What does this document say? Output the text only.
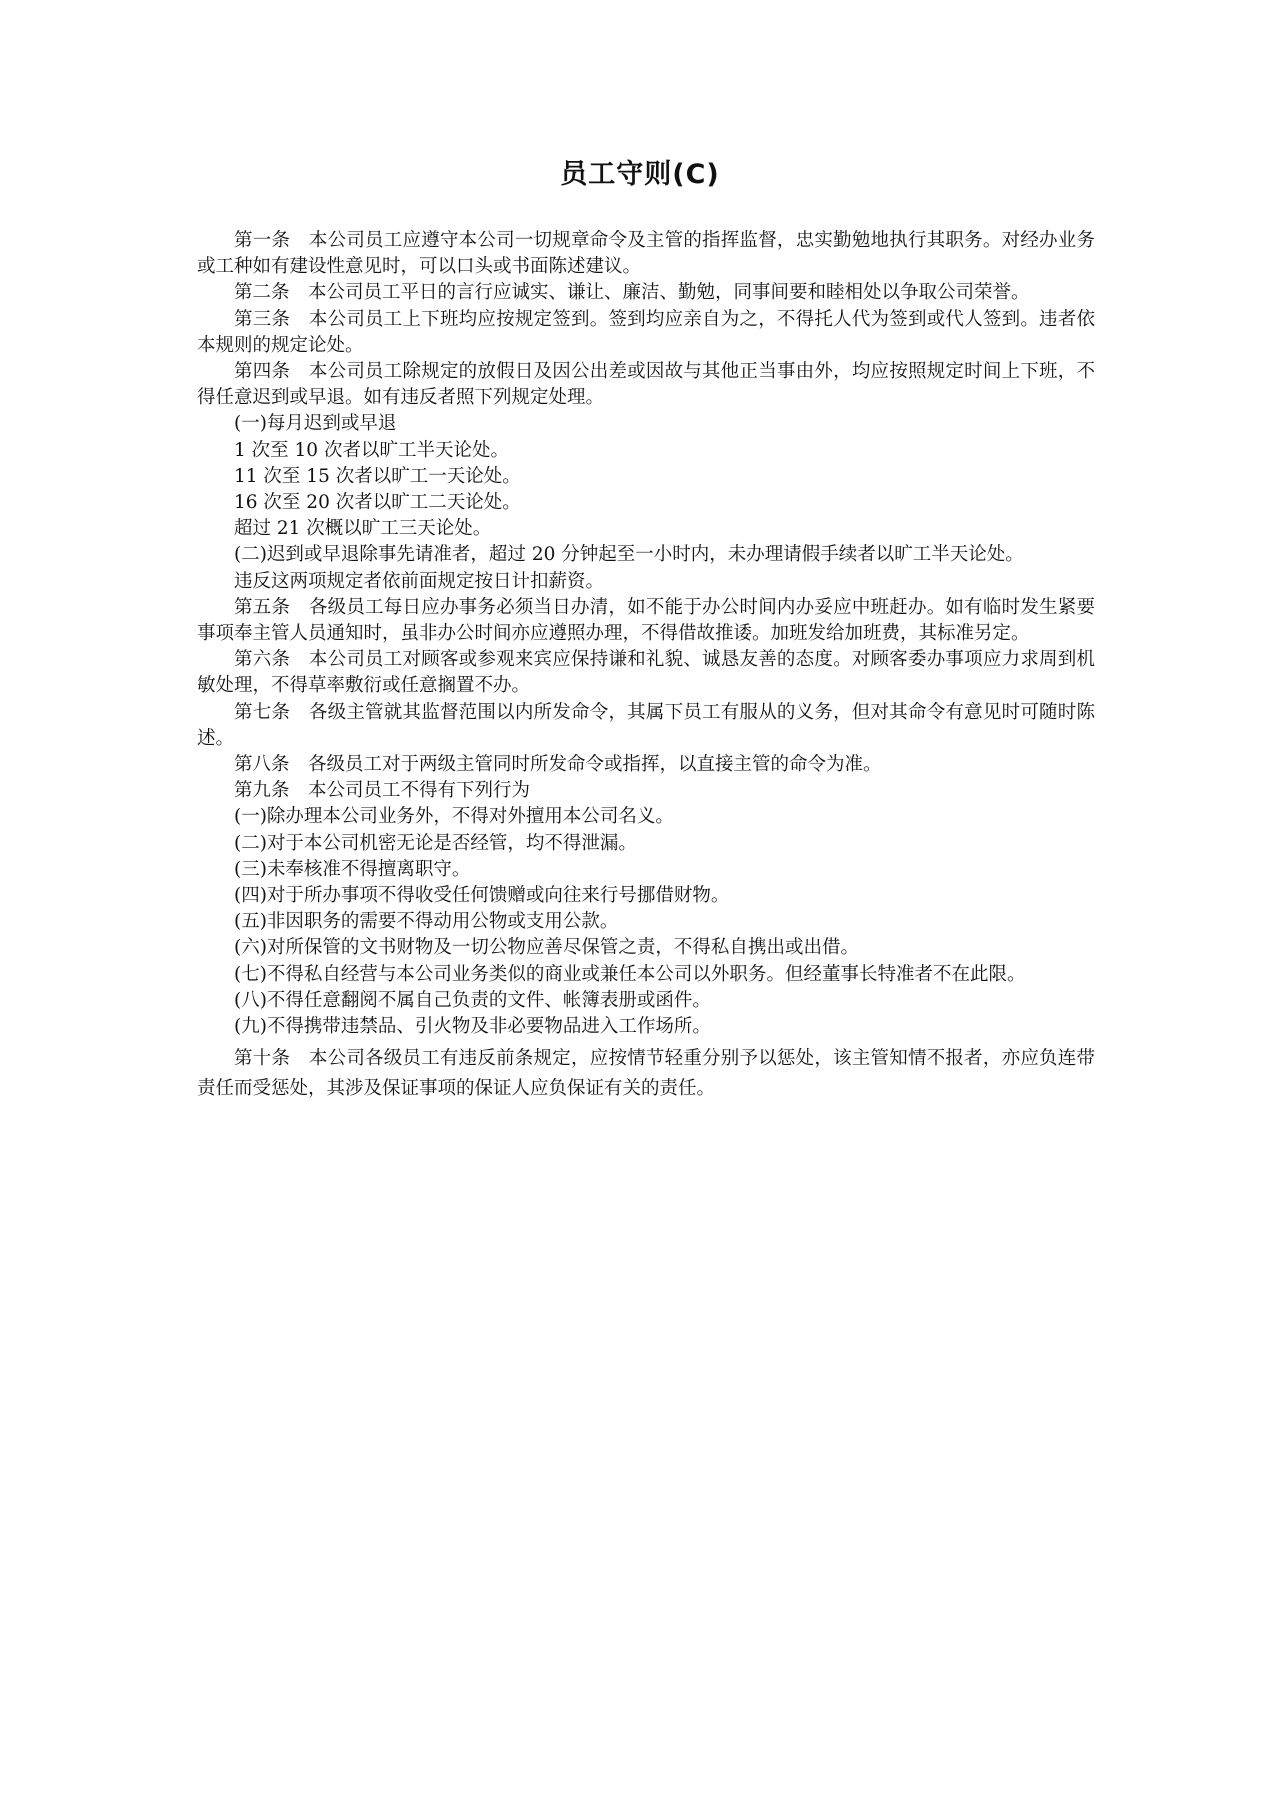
员工守则(C)

第一条　本公司员工应遵守本公司一切规章命令及主管的指挥监督，忠实勤勉地执行其职务。对经办业务或工种如有建设性意见时，可以口头或书面陈述建议。

第二条　本公司员工平日的言行应诚实、谦让、廉洁、勤勉，同事间要和睦相处以争取公司荣誉。

第三条　本公司员工上下班均应按规定签到。签到均应亲自为之，不得托人代为签到或代人签到。违者依本规则的规定论处。

第四条　本公司员工除规定的放假日及因公出差或因故与其他正当事由外，均应按照规定时间上下班，不得任意迟到或早退。如有违反者照下列规定处理。

(一)每月迟到或早退

1 次至 10 次者以旷工半天论处。

11 次至 15 次者以旷工一天论处。

16 次至 20 次者以旷工二天论处。

超过 21 次概以旷工三天论处。

(二)迟到或早退除事先请准者，超过 20 分钟起至一小时内，未办理请假手续者以旷工半天论处。

违反这两项规定者依前面规定按日计扣薪资。

第五条　各级员工每日应办事务必须当日办清，如不能于办公时间内办妥应中班赶办。如有临时发生紧要事项奉主管人员通知时，虽非办公时间亦应遵照办理，不得借故推诿。加班发给加班费，其标准另定。

第六条　本公司员工对顾客或参观来宾应保持谦和礼貌、诚恳友善的态度。对顾客委办事项应力求周到机敏处理，不得草率敷衍或任意搁置不办。

第七条　各级主管就其监督范围以内所发命令，其属下员工有服从的义务，但对其命令有意见时可随时陈述。

第八条　各级员工对于两级主管同时所发命令或指挥，以直接主管的命令为准。

第九条　本公司员工不得有下列行为

(一)除办理本公司业务外，不得对外擅用本公司名义。

(二)对于本公司机密无论是否经管，均不得泄漏。

(三)未奉核准不得擅离职守。

(四)对于所办事项不得收受任何馈赠或向往来行号挪借财物。

(五)非因职务的需要不得动用公物或支用公款。

(六)对所保管的文书财物及一切公物应善尽保管之责，不得私自携出或出借。

(七)不得私自经营与本公司业务类似的商业或兼任本公司以外职务。但经董事长特准者不在此限。

(八)不得任意翻阅不属自己负责的文件、帐簿表册或函件。

(九)不得携带违禁品、引火物及非必要物品进入工作场所。

第十条　本公司各级员工有违反前条规定，应按情节轻重分别予以惩处，该主管知情不报者，亦应负连带责任而受惩处，其涉及保证事项的保证人应负保证有关的责任。
